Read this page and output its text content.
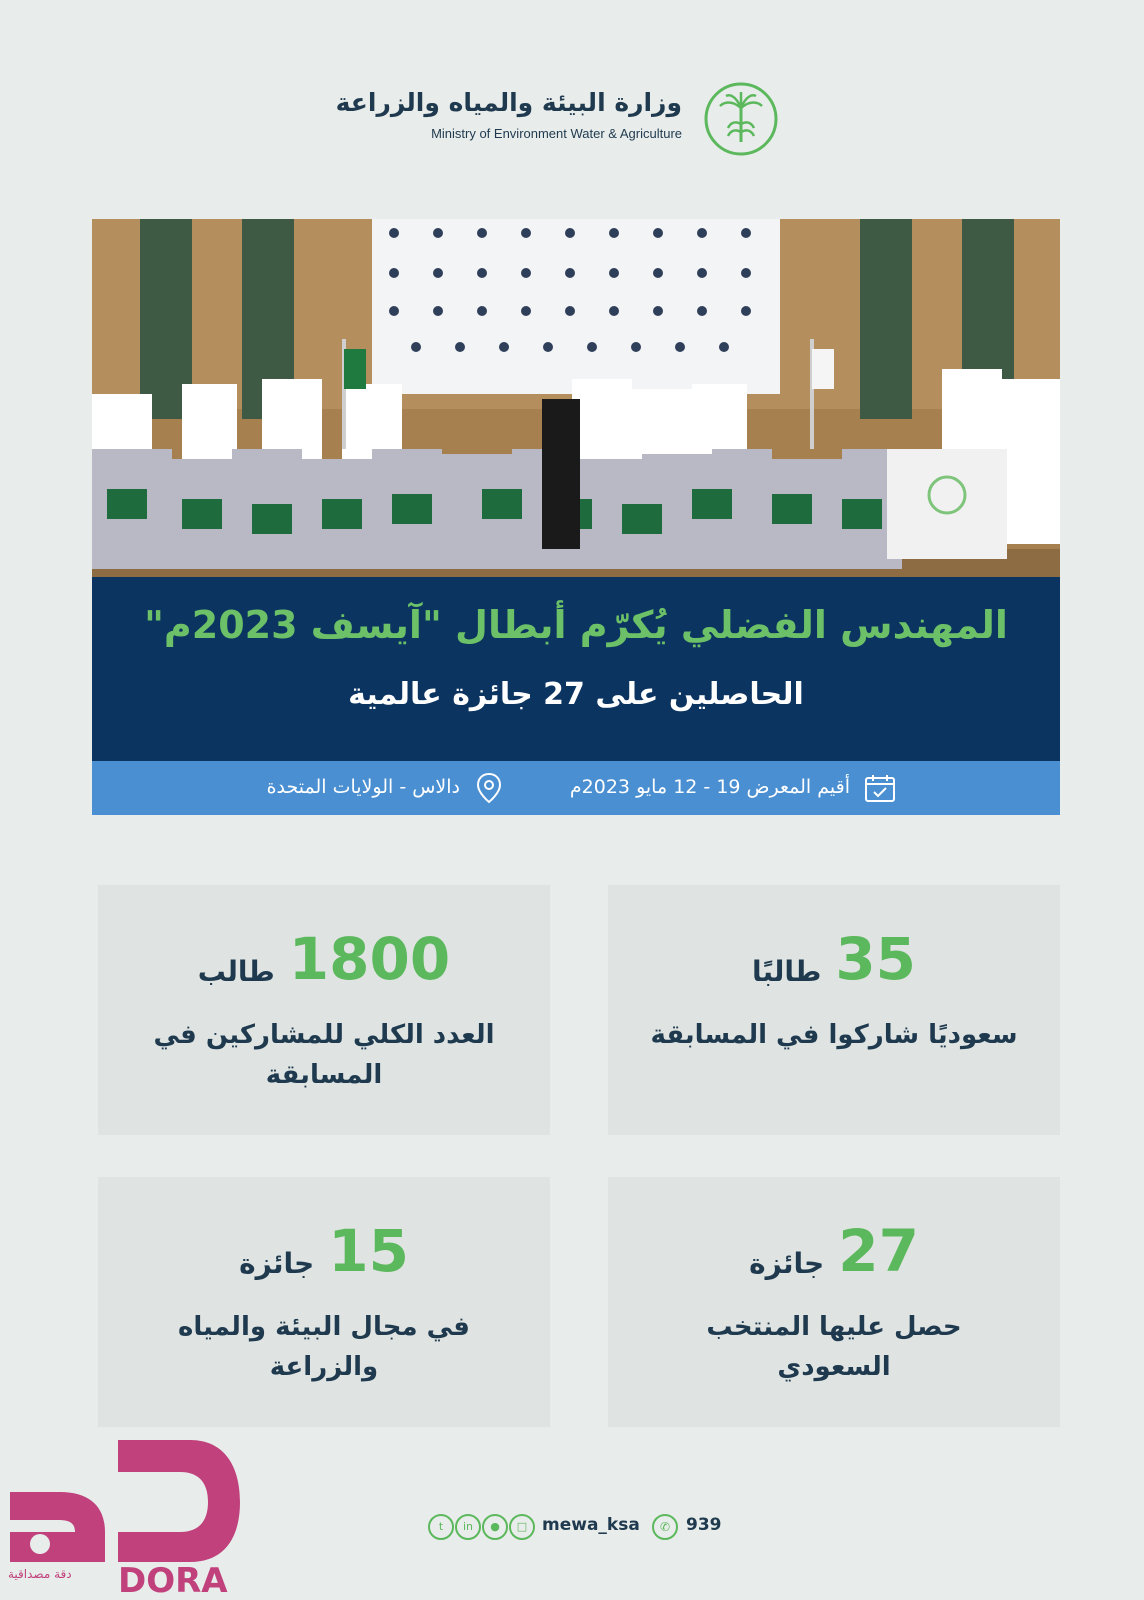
وزارة البيئة والمياه والزراعة
Ministry of Environment Water & Agriculture
المهندس الفضلي يُكرّم أبطال "آيسف 2023م"
الحاصلين على 27 جائزة عالمية
أقيم المعرض 19 - 12 مايو 2023م
دالاس - الولايات المتحدة
35طالبًا
سعوديًا شاركوا في المسابقة
1800طالب
العدد الكلي للمشاركين في المسابقة
27جائزة
حصل عليها المنتخب السعودي
15جائزة
في مجال البيئة والمياه والزراعة
t	in	●	□ mewa_ksa	✆ 939
دقة مصداقية DORA
